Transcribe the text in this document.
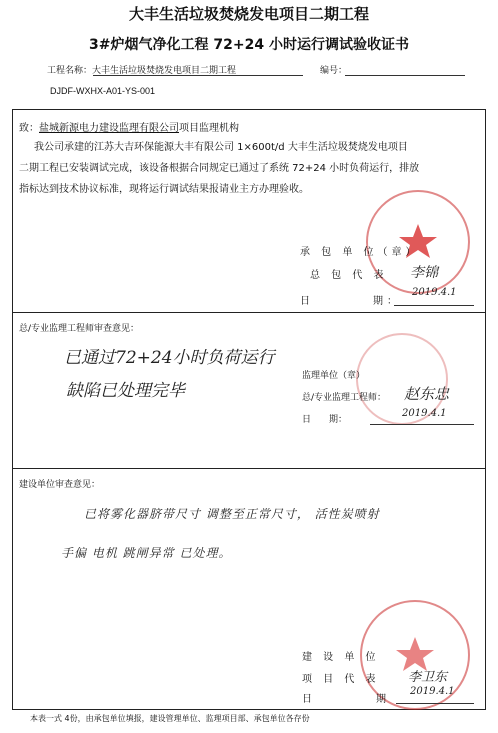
大丰生活垃圾焚烧发电项目二期工程
3#炉烟气净化工程 72+24 小时运行调试验收证书
工程名称：大丰生活垃圾焚烧发电项目二期工程	编号：
DJDF-WXHX-A01-YS-001
致：盐城新源电力建设监理有限公司项目监理机构
我公司承建的江苏大吉环保能源大丰有限公司 1×600t/d 大丰生活垃圾焚烧发电项目
二期工程已安装调试完成，该设备根据合同规定已通过了系统 72+24 小时负荷运行，排放
指标达到技术协议标准，现将运行调试结果报请业主方办理验收。
承 包 单 位（章）
总 包 代 表 李锦
日	期：
2019.4.1
总/专业监理工程师审查意见：
已通过72+24小时负荷运行
缺陷已处理完毕
监理单位（章）
总/专业监理工程师： 赵东忠
日　　期：
2019.4.1
建设单位审查意见：
已将雾化器脐带尺寸 调整至正常尺寸， 活性炭喷射
手偏 电机 跳闸异常 已处理。
建 设 单 位
项 目 代 表 李卫东
日	期
2019.4.1
本表一式 4份，由承包单位填报，建设管理单位、监理项目部、承包单位各存份
